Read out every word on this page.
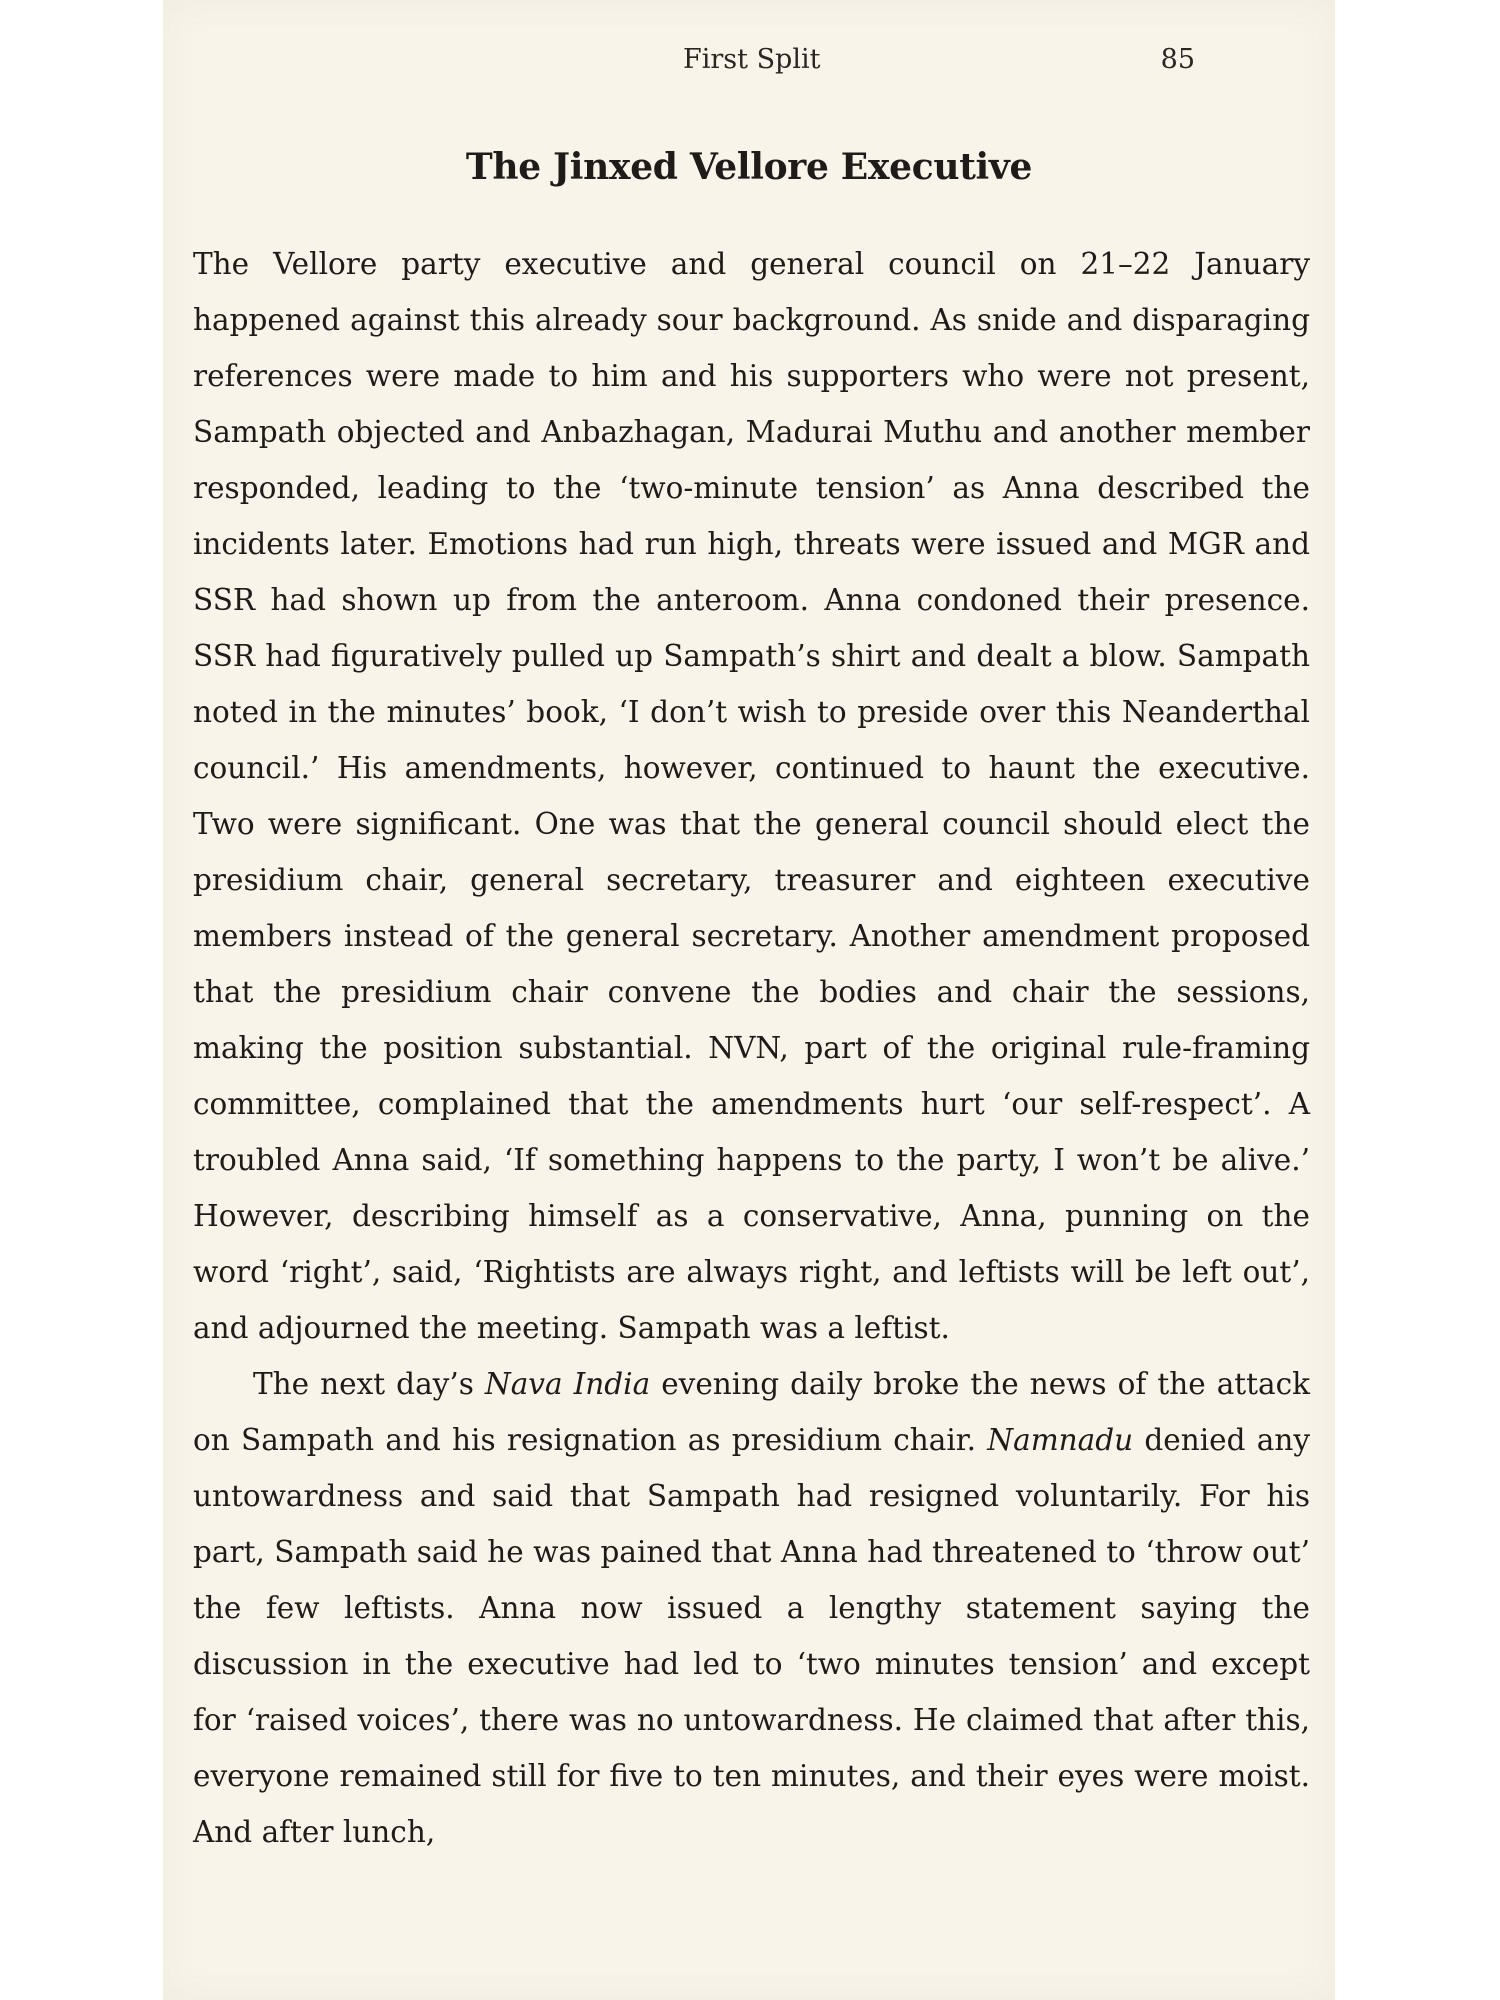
First Split	85
The Jinxed Vellore Executive

The Vellore party executive and general council on 21–22 January happened against this already sour background. As snide and disparaging references were made to him and his supporters who were not present, Sampath objected and Anbazhagan, Madurai Muthu and another member responded, leading to the ‘two-minute tension’ as Anna described the incidents later. Emotions had run high, threats were issued and MGR and SSR had shown up from the anteroom. Anna condoned their presence. SSR had figuratively pulled up Sampath’s shirt and dealt a blow. Sampath noted in the minutes’ book, ‘I don’t wish to preside over this Neanderthal council.’ His amendments, however, continued to haunt the executive. Two were significant. One was that the general council should elect the presidium chair, general secretary, treasurer and eighteen executive members instead of the general secretary. Another amendment proposed that the presidium chair convene the bodies and chair the sessions, making the position substantial. NVN, part of the original rule-framing committee, complained that the amendments hurt ‘our self-respect’. A troubled Anna said, ‘If something happens to the party, I won’t be alive.’ However, describing himself as a conservative, Anna, punning on the word ‘right’, said, ‘Rightists are always right, and leftists will be left out’, and adjourned the meeting. Sampath was a leftist.

The next day’s Nava India evening daily broke the news of the attack on Sampath and his resignation as presidium chair. Namnadu denied any untowardness and said that Sampath had resigned voluntarily. For his part, Sampath said he was pained that Anna had threatened to ‘throw out’ the few leftists. Anna now issued a lengthy statement saying the discussion in the executive had led to ‘two minutes tension’ and except for ‘raised voices’, there was no untowardness. He claimed that after this, everyone remained still for five to ten minutes, and their eyes were moist. And after lunch,
